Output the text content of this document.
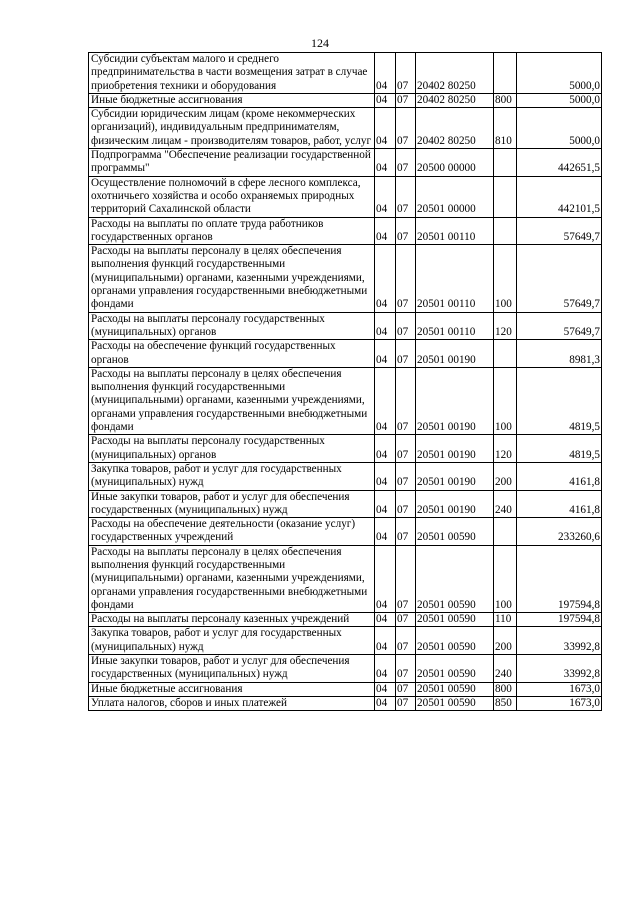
124
Субсидии субъектам малого и среднего предпринимательства в части возмещения затрат в случае приобретения техники и оборудования	04	07	20402 80250		5000,0
Иные бюджетные ассигнования	04	07	20402 80250	800	5000,0
Субсидии юридическим лицам (кроме некоммерческих организаций), индивидуальным предпринимателям, физическим лицам - производителям товаров, работ, услуг	04	07	20402 80250	810	5000,0
Подпрограмма "Обеспечение реализации государственной программы"	04	07	20500 00000		442651,5
Осуществление полномочий в сфере лесного комплекса, охотничьего хозяйства и особо охраняемых природных территорий Сахалинской области	04	07	20501 00000		442101,5
Расходы на выплаты по оплате труда работников государственных органов	04	07	20501 00110		57649,7
Расходы на выплаты персоналу в целях обеспечения выполнения функций государственными (муниципальными) органами, казенными учреждениями, органами управления государственными внебюджетными фондами	04	07	20501 00110	100	57649,7
Расходы на выплаты персоналу государственных (муниципальных) органов	04	07	20501 00110	120	57649,7
Расходы на обеспечение функций государственных органов	04	07	20501 00190		8981,3
Расходы на выплаты персоналу в целях обеспечения выполнения функций государственными (муниципальными) органами, казенными учреждениями, органами управления государственными внебюджетными фондами	04	07	20501 00190	100	4819,5
Расходы на выплаты персоналу государственных (муниципальных) органов	04	07	20501 00190	120	4819,5
Закупка товаров, работ и услуг для государственных (муниципальных) нужд	04	07	20501 00190	200	4161,8
Иные закупки товаров, работ и услуг для обеспечения государственных (муниципальных) нужд	04	07	20501 00190	240	4161,8
Расходы на обеспечение деятельности (оказание услуг) государственных учреждений	04	07	20501 00590		233260,6
Расходы на выплаты персоналу в целях обеспечения выполнения функций государственными (муниципальными) органами, казенными учреждениями, органами управления государственными внебюджетными фондами	04	07	20501 00590	100	197594,8
Расходы на выплаты персоналу казенных учреждений	04	07	20501 00590	110	197594,8
Закупка товаров, работ и услуг для государственных (муниципальных) нужд	04	07	20501 00590	200	33992,8
Иные закупки товаров, работ и услуг для обеспечения государственных (муниципальных) нужд	04	07	20501 00590	240	33992,8
Иные бюджетные ассигнования	04	07	20501 00590	800	1673,0
Уплата налогов, сборов и иных платежей	04	07	20501 00590	850	1673,0
